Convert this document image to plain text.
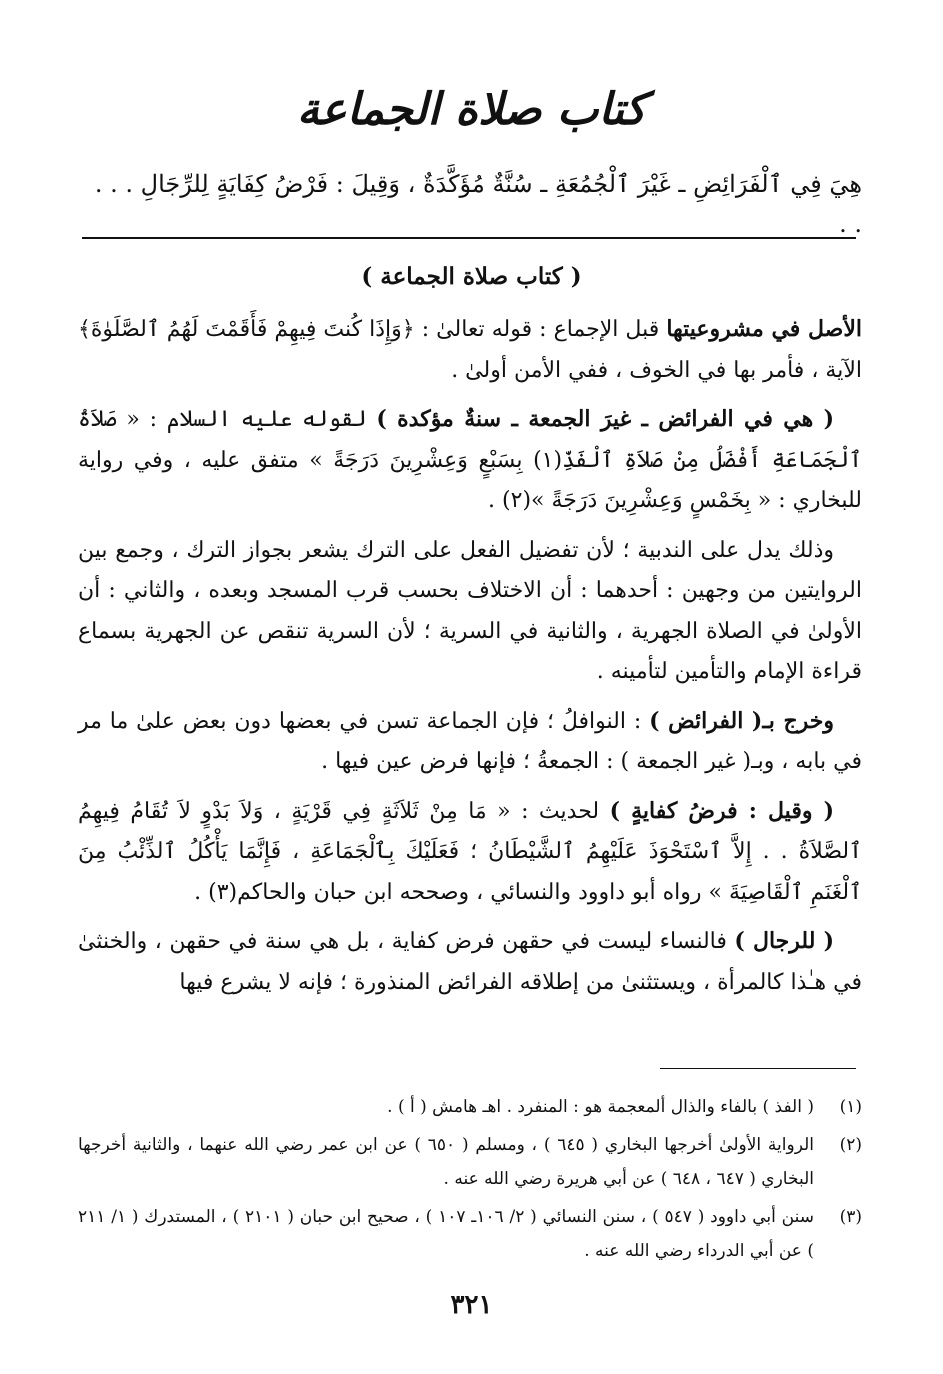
كتاب صلاة الجماعة
هِيَ فِي ٱلْفَرَائِضِ ـ غَيْرَ ٱلْجُمُعَةِ ـ سُنَّةٌ مُؤَكَّدَةٌ ، وَقِيلَ : فَرْضُ كِفَايَةٍ لِلرِّجَالِ . . . . .
( كتاب صلاة الجماعة )

الأصل في مشروعيتها قبل الإجماع : قوله تعالىٰ : ﴿وَإِذَا كُنتَ فِيهِمْ فَأَقَمْتَ لَهُمُ ٱلصَّلَوٰةَ﴾ الآية ، فأمر بها في الخوف ، ففي الأمن أولىٰ .

( هي في الفرائض ـ غيرَ الجمعة ـ سنةٌ مؤكدة ) لقوله عليه السلام : « صَلاَةُ ٱلْجَمَاعَةِ أَفْضَلُ مِنْ صَلاَةِ ٱلْفَذِّ(١) بِسَبْعٍ وَعِشْرِينَ دَرَجَةً » متفق عليه ، وفي رواية للبخاري : « بِخَمْسٍ وَعِشْرِينَ دَرَجَةً »(٢) .

وذلك يدل على الندبية ؛ لأن تفضيل الفعل على الترك يشعر بجواز الترك ، وجمع بين الروايتين من وجهين : أحدهما : أن الاختلاف بحسب قرب المسجد وبعده ، والثاني : أن الأولىٰ في الصلاة الجهرية ، والثانية في السرية ؛ لأن السرية تنقص عن الجهرية بسماع قراءة الإمام والتأمين لتأمينه .

وخرج بـ( الفرائض ) : النوافلُ ؛ فإن الجماعة تسن في بعضها دون بعض علىٰ ما مر في بابه ، وبـ( غير الجمعة ) : الجمعةُ ؛ فإنها فرض عين فيها .

( وقيل : فرضُ كفايةٍ ) لحديث : « مَا مِنْ ثَلاَثَةٍ فِي قَرْيَةٍ ، وَلاَ بَدْوٍ لاَ تُقَامُ فِيهِمُ ٱلصَّلاَةُ . . إِلاَّ ٱسْتَحْوَذَ عَلَيْهِمُ ٱلشَّيْطَانُ ؛ فَعَلَيْكَ بِٱلْجَمَاعَةِ ، فَإِنَّمَا يَأْكُلُ ٱلذِّئْبُ مِنَ ٱلْغَنَمِ ٱلْقَاصِيَةَ » رواه أبو داوود والنسائي ، وصححه ابن حبان والحاكم(٣) .

( للرجال ) فالنساء ليست في حقهن فرض كفاية ، بل هي سنة في حقهن ، والخنثىٰ في هـٰذا كالمرأة ، ويستثنىٰ من إطلاقه الفرائض المنذورة ؛ فإنه لا يشرع فيها

(١)
( الفذ ) بالفاء والذال ألمعجمة هو : المنفرد . اهـ هامش ( أ ) .
(٢)
الرواية الأولىٰ أخرجها البخاري ( ٦٤٥ ) ، ومسلم ( ٦٥٠ ) عن ابن عمر رضي الله عنهما ، والثانية أخرجها البخاري ( ٦٤٧ ، ٦٤٨ ) عن أبي هريرة رضي الله عنه .
(٣)
سنن أبي داوود ( ٥٤٧ ) ، سنن النسائي ( ٢/ ١٠٦ـ ١٠٧ ) ، صحيح ابن حبان ( ٢١٠١ ) ، المستدرك ( ١/ ٢١١ ) عن أبي الدرداء رضي الله عنه .
٣٢١
